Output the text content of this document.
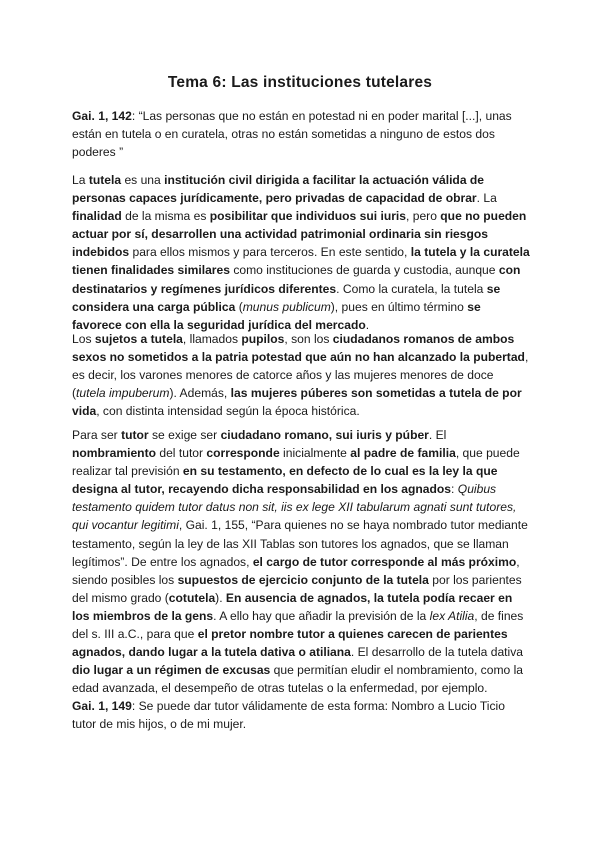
Tema 6: Las instituciones tutelares

Gai. 1, 142: “Las personas que no están en potestad ni en poder marital [...], unas están en tutela o en curatela, otras no están sometidas a ninguno de estos dos poderes ”

La tutela es una institución civil dirigida a facilitar la actuación válida de personas capaces jurídicamente, pero privadas de capacidad de obrar. La finalidad de la misma es posibilitar que individuos sui iuris, pero que no pueden actuar por sí, desarrollen una actividad patrimonial ordinaria sin riesgos indebidos para ellos mismos y para terceros. En este sentido, la tutela y la curatela tienen finalidades similares como instituciones de guarda y custodia, aunque con destinatarios y regímenes jurídicos diferentes. Como la curatela, la tutela se considera una carga pública (munus publicum), pues en último término se favorece con ella la seguridad jurídica del mercado.

Los sujetos a tutela, llamados pupilos, son los ciudadanos romanos de ambos sexos no sometidos a la patria potestad que aún no han alcanzado la pubertad, es decir, los varones menores de catorce años y las mujeres menores de doce (tutela impuberum). Además, las mujeres púberes son sometidas a tutela de por vida, con distinta intensidad según la época histórica.

Para ser tutor se exige ser ciudadano romano, sui iuris y púber. El nombramiento del tutor corresponde inicialmente al padre de familia, que puede realizar tal previsión en su testamento, en defecto de lo cual es la ley la que designa al tutor, recayendo dicha responsabilidad en los agnados: Quibus testamento quidem tutor datus non sit, iis ex lege XII tabularum agnati sunt tutores, qui vocantur legitimi, Gai. 1, 155, “Para quienes no se haya nombrado tutor mediante testamento, según la ley de las XII Tablas son tutores los agnados, que se llaman legítimos”. De entre los agnados, el cargo de tutor corresponde al más próximo, siendo posibles los supuestos de ejercicio conjunto de la tutela por los parientes del mismo grado (cotutela). En ausencia de agnados, la tutela podía recaer en los miembros de la gens. A ello hay que añadir la previsión de la lex Atilia, de fines del s. III a.C., para que el pretor nombre tutor a quienes carecen de parientes agnados, dando lugar a la tutela dativa o atiliana. El desarrollo de la tutela dativa dio lugar a un régimen de excusas que permitían eludir el nombramiento, como la edad avanzada, el desempeño de otras tutelas o la enfermedad, por ejemplo.

Gai. 1, 149: Se puede dar tutor válidamente de esta forma: Nombro a Lucio Ticio tutor de mis hijos, o de mi mujer.
